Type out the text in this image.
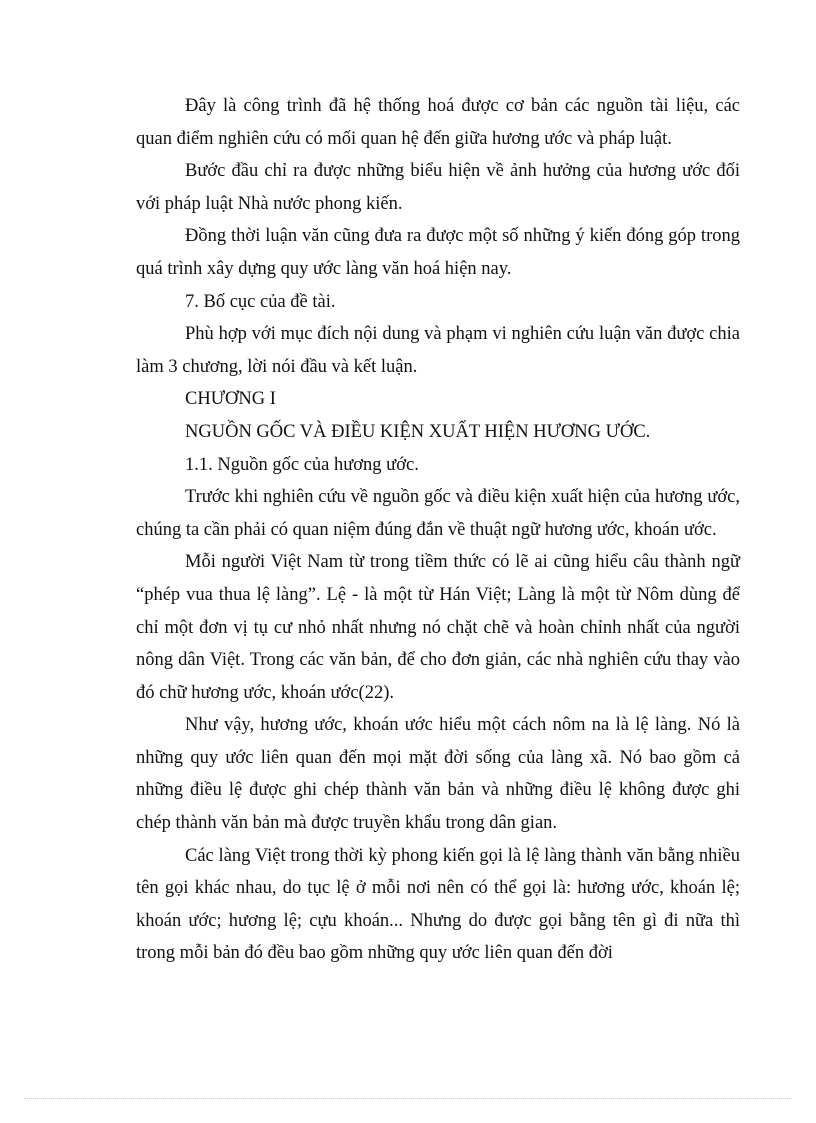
Đây là công trình đã hệ thống hoá được cơ bản các nguồn tài liệu, các quan điểm nghiên cứu có mối quan hệ đến giữa hương ước và pháp luật.

Bước đầu chỉ ra được những biểu hiện về ảnh hưởng của hương ước đối với pháp luật Nhà nước phong kiến.

Đồng thời luận văn cũng đưa ra được một số những ý kiến đóng góp trong quá trình xây dựng quy ước làng văn hoá hiện nay.

7. Bố cục của đề tài.

Phù hợp với mục đích nội dung và phạm vi nghiên cứu luận văn được chia làm 3 chương, lời nói đầu và kết luận.

CHƯƠNG I

NGUỒN GỐC VÀ ĐIỀU KIỆN XUẤT HIỆN HƯƠNG ƯỚC.

1.1. Nguồn gốc của hương ước.

Trước khi nghiên cứu về nguồn gốc và điều kiện xuất hiện của hương ước, chúng ta cần phải có quan niệm đúng đắn về thuật ngữ hương ước, khoán ước.

Mỗi người Việt Nam từ trong tiềm thức có lẽ ai cũng hiểu câu thành ngữ “phép vua thua lệ làng”. Lệ - là một từ Hán Việt; Làng là một từ Nôm dùng để chỉ một đơn vị tụ cư nhỏ nhất nhưng nó chặt chẽ và hoàn chỉnh nhất của người nông dân Việt. Trong các văn bản, để cho đơn giản, các nhà nghiên cứu thay vào đó chữ hương ước, khoán ước(22).

Như vậy, hương ước, khoán ước hiểu một cách nôm na là lệ làng. Nó là những quy ước liên quan đến mọi mặt đời sống của làng xã. Nó bao gồm cả những điều lệ được ghi chép thành văn bản và những điều lệ không được ghi chép thành văn bản mà được truyền khẩu trong dân gian.

Các làng Việt trong thời kỳ phong kiến gọi là lệ làng thành văn bằng nhiều tên gọi khác nhau, do tục lệ ở mỗi nơi nên có thể gọi là: hương ước, khoán lệ; khoán ước; hương lệ; cựu khoán... Nhưng do được gọi bằng tên gì đi nữa thì trong mỗi bản đó đều bao gồm những quy ước liên quan đến đời
